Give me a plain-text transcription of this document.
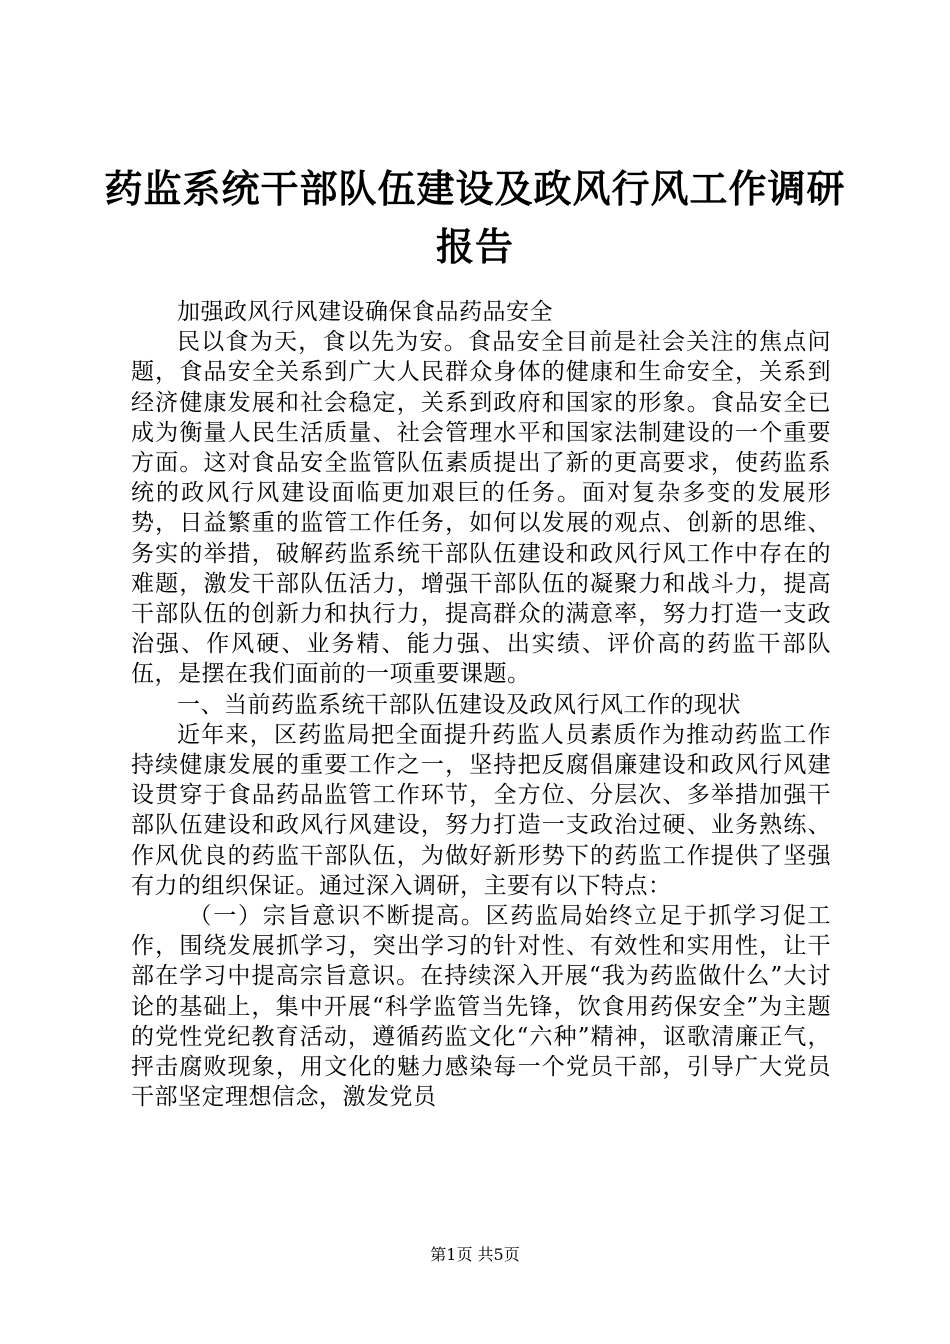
药监系统干部队伍建设及政风行风工作调研报告

加强政风行风建设确保食品药品安全

民以食为天，食以先为安。食品安全目前是社会关注的焦点问题，食品安全关系到广大人民群众身体的健康和生命安全，关系到经济健康发展和社会稳定，关系到政府和国家的形象。食品安全已成为衡量人民生活质量、社会管理水平和国家法制建设的一个重要方面。这对食品安全监管队伍素质提出了新的更高要求，使药监系统的政风行风建设面临更加艰巨的任务。面对复杂多变的发展形势，日益繁重的监管工作任务，如何以发展的观点、创新的思维、务实的举措，破解药监系统干部队伍建设和政风行风工作中存在的难题，激发干部队伍活力，增强干部队伍的凝聚力和战斗力，提高干部队伍的创新力和执行力，提高群众的满意率，努力打造一支政治强、作风硬、业务精、能力强、出实绩、评价高的药监干部队伍，是摆在我们面前的一项重要课题。

一、当前药监系统干部队伍建设及政风行风工作的现状

近年来，区药监局把全面提升药监人员素质作为推动药监工作持续健康发展的重要工作之一，坚持把反腐倡廉建设和政风行风建设贯穿于食品药品监管工作环节，全方位、分层次、多举措加强干部队伍建设和政风行风建设，努力打造一支政治过硬、业务熟练、作风优良的药监干部队伍，为做好新形势下的药监工作提供了坚强有力的组织保证。通过深入调研，主要有以下特点：

（一）宗旨意识不断提高。区药监局始终立足于抓学习促工作，围绕发展抓学习，突出学习的针对性、有效性和实用性，让干部在学习中提高宗旨意识。在持续深入开展“我为药监做什么”大讨论的基础上，集中开展“科学监管当先锋，饮食用药保安全”为主题的党性党纪教育活动，遵循药监文化“六种”精神，讴歌清廉正气，抨击腐败现象，用文化的魅力感染每一个党员干部，引导广大党员干部坚定理想信念，激发党员

第1页 共5页
